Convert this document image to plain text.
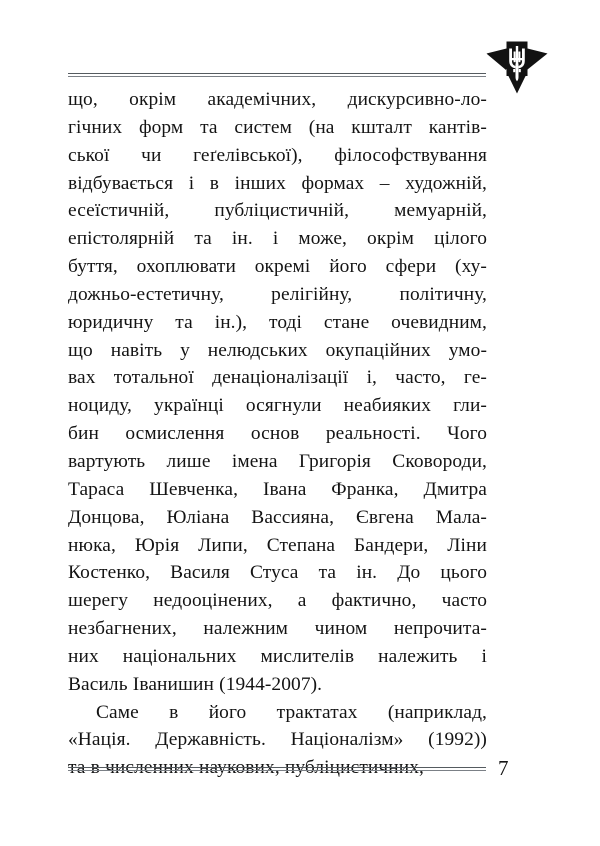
що, окрім академічних, дискурсивно-ло-
гічних форм та систем (на кшталт кантів-
ської чи геґелівської), філософствування
відбувається і в інших формах – художній,
есеїстичній, публіцистичній, мемуарній,
епістолярній та ін. і може, окрім цілого
буття, охоплювати окремі його сфери (ху-
дожньо-естетичну, релігійну, політичну,
юридичну та ін.), тоді стане очевидним,
що навіть у нелюдських окупаційних умо-
вах тотальної денаціоналізації і, часто, ге-
ноциду, українці осягнули неабияких гли-
бин осмислення основ реальності. Чого
вартують лише імена Григорія Сковороди,
Тараса Шевченка, Івана Франка, Дмитра
Донцова, Юліана Вассияна, Євгена Мала-
нюка, Юрія Липи, Степана Бандери, Ліни
Костенко, Василя Стуса та ін. До цього
шерегу недооцінених, а фактично, часто
незбагнених, належним чином непрочита-
них національних мислителів належить і
Василь Іванишин (1944-2007).

Саме в його трактатах (наприклад,
«Нація. Державність. Націоналізм» (1992))

7
